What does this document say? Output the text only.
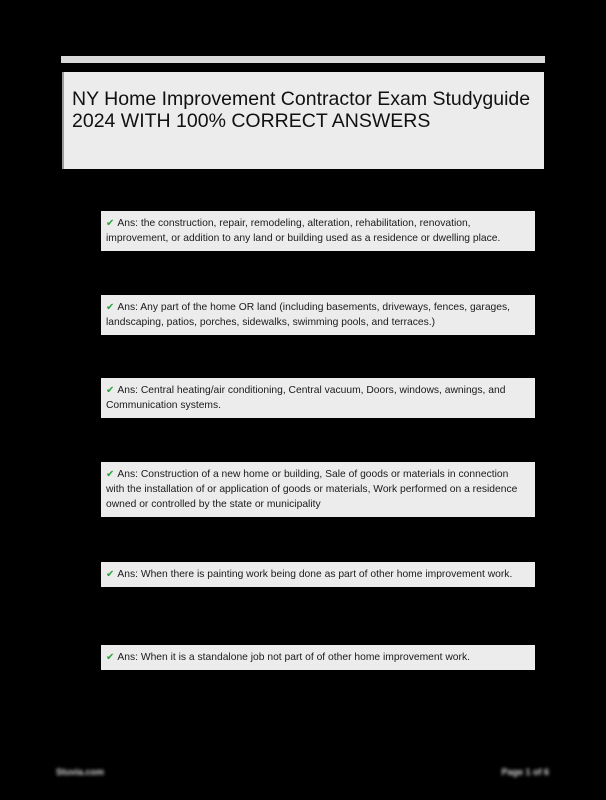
NY Home Improvement Contractor Exam Studyguide 2024 WITH 100% CORRECT ANSWERS
✔ Ans: the construction, repair, remodeling, alteration, rehabilitation, renovation, improvement, or addition to any land or building used as a residence or dwelling place.
✔ Ans: Any part of the home OR land (including basements, driveways, fences, garages, landscaping, patios, porches, sidewalks, swimming pools, and terraces.)
✔ Ans: Central heating/air conditioning, Central vacuum, Doors, windows, awnings, and Communication systems.
✔ Ans: Construction of a new home or building, Sale of goods or materials in connection with the installation of or application of goods or materials, Work performed on a residence owned or controlled by the state or municipality
✔ Ans: When there is painting work being done as part of other home improvement work.
✔ Ans: When it is a standalone job not part of of other home improvement work.
Stuvia.com	Page 1 of 6
